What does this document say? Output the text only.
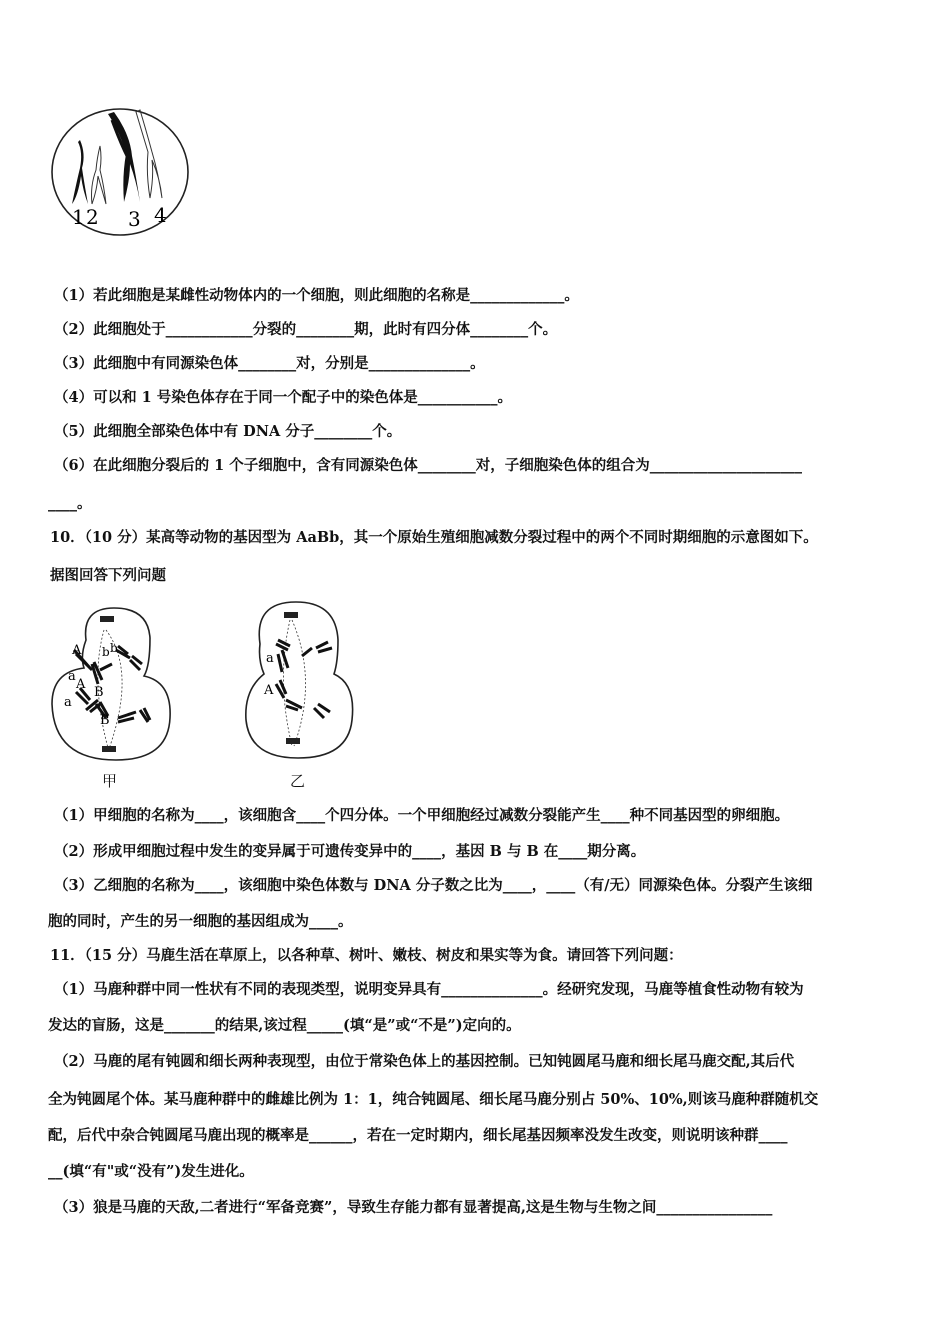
1 2 3 4
（1）若此细胞是某雌性动物体内的一个细胞，则此细胞的名称是_____________。
（2）此细胞处于____________分裂的________期，此时有四分体________个。
（3）此细胞中有同源染色体________对，分别是______________。
（4）可以和 1 号染色体存在于同一个配子中的染色体是___________。
（5）此细胞全部染色体中有 DNA 分子________个。
（6）在此细胞分裂后的 1 个子细胞中，含有同源染色体________对，子细胞染色体的组合为_____________________
____。
10．（10 分）某高等动物的基因型为 AaBb，其一个原始生殖细胞减数分裂过程中的两个不同时期细胞的示意图如下。
据图回答下列问题
A b b
a
A
B
a
B
a
A
甲	乙
（1）甲细胞的名称为____，该细胞含____个四分体。一个甲细胞经过减数分裂能产生____种不同基因型的卵细胞。
（2）形成甲细胞过程中发生的变异属于可遗传变异中的____，基因 B 与 B 在____期分离。
（3）乙细胞的名称为____，该细胞中染色体数与 DNA 分子数之比为____，____（有/无）同源染色体。分裂产生该细
胞的同时，产生的另一细胞的基因组成为____。
11．（15 分）马鹿生活在草原上，以各种草、树叶、嫩枝、树皮和果实等为食。请回答下列问题：
（1）马鹿种群中同一性状有不同的表现类型，说明变异具有______________。经研究发现，马鹿等植食性动物有较为
发达的盲肠，这是_______的结果,该过程_____(填“是”或“不是”)定向的。
（2）马鹿的尾有钝圆和细长两种表现型，由位于常染色体上的基因控制。已知钝圆尾马鹿和细长尾马鹿交配,其后代
全为钝圆尾个体。某马鹿种群中的雌雄比例为 1：1，纯合钝圆尾、细长尾马鹿分别占 50%、10%,则该马鹿种群随机交
配，后代中杂合钝圆尾马鹿出现的概率是______，若在一定时期内，细长尾基因频率没发生改变，则说明该种群____
__(填“有"或“没有”)发生进化。
（3）狼是马鹿的天敌,二者进行“军备竞赛”，导致生存能力都有显著提高,这是生物与生物之间________________
